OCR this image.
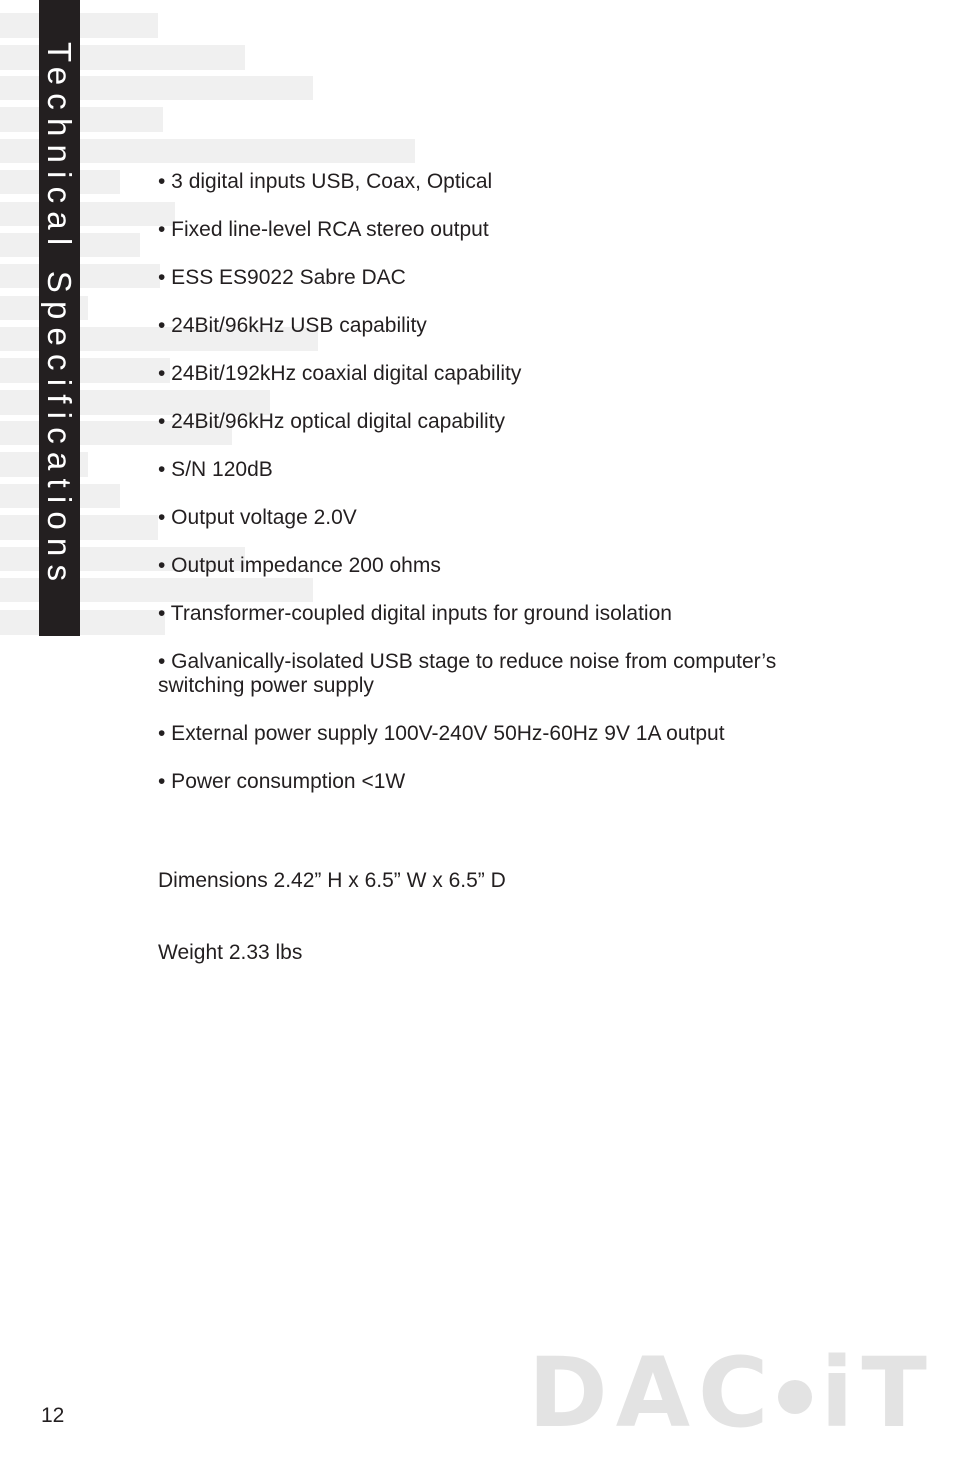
Technical Specifications	• 3 digital inputs USB, Coax, Optical
• Fixed line-level RCA stereo output
• ESS ES9022 Sabre DAC
• 24Bit/96kHz USB capability
• 24Bit/192kHz coaxial digital capability
• 24Bit/96kHz optical digital capability
• S/N 120dB
• Output voltage 2.0V
• Output impedance 200 ohms
• Transformer-coupled digital inputs for ground isolation
• Galvanically-isolated USB stage to reduce noise from computer’s switching power supply
• External power supply 100V-240V 50Hz-60Hz 9V 1A output
• Power consumption <1W
Dimensions 2.42” H x 6.5” W x 6.5” D
Weight 2.33 lbs
12	DAC iT
